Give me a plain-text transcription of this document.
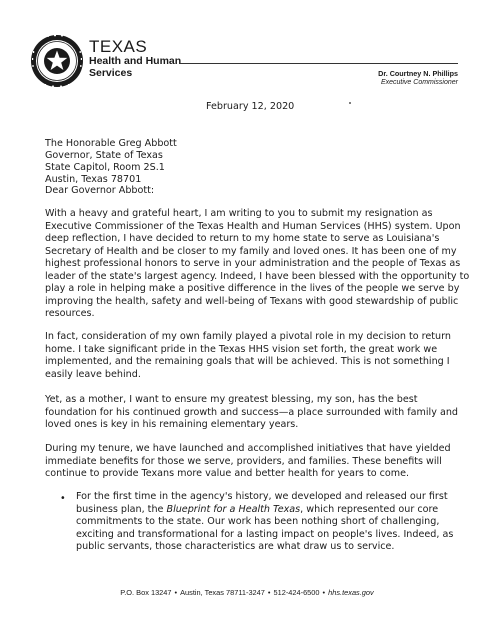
TEXAS
Health and Human
Services	Dr. Courtney N. Phillips
Executive Commissioner
February 12, 2020
The Honorable Greg Abbott
Governor, State of Texas
State Capitol, Room 2S.1
Austin, Texas 78701
Dear Governor Abbott:
With a heavy and grateful heart, I am writing to you to submit my resignation as
Executive Commissioner of the Texas Health and Human Services (HHS) system. Upon
deep reflection, I have decided to return to my home state to serve as Louisiana's
Secretary of Health and be closer to my family and loved ones. It has been one of my
highest professional honors to serve in your administration and the people of Texas as
leader of the state's largest agency. Indeed, I have been blessed with the opportunity to
play a role in helping make a positive difference in the lives of the people we serve by
improving the health, safety and well-being of Texans with good stewardship of public
resources.
In fact, consideration of my own family played a pivotal role in my decision to return
home. I take significant pride in the Texas HHS vision set forth, the great work we
implemented, and the remaining goals that will be achieved. This is not something I
easily leave behind.
Yet, as a mother, I want to ensure my greatest blessing, my son, has the best
foundation for his continued growth and success—a place surrounded with family and
loved ones is key in his remaining elementary years.
During my tenure, we have launched and accomplished initiatives that have yielded
immediate benefits for those we serve, providers, and families. These benefits will
continue to provide Texans more value and better health for years to come.
• For the first time in the agency's history, we developed and released our first
business plan, the Blueprint for a Health Texas, which represented our core
commitments to the state. Our work has been nothing short of challenging,
exciting and transformational for a lasting impact on people's lives. Indeed, as
public servants, those characteristics are what draw us to service.
P.O. Box 13247 • Austin, Texas 78711-3247 • 512-424-6500 • hhs.texas.gov
